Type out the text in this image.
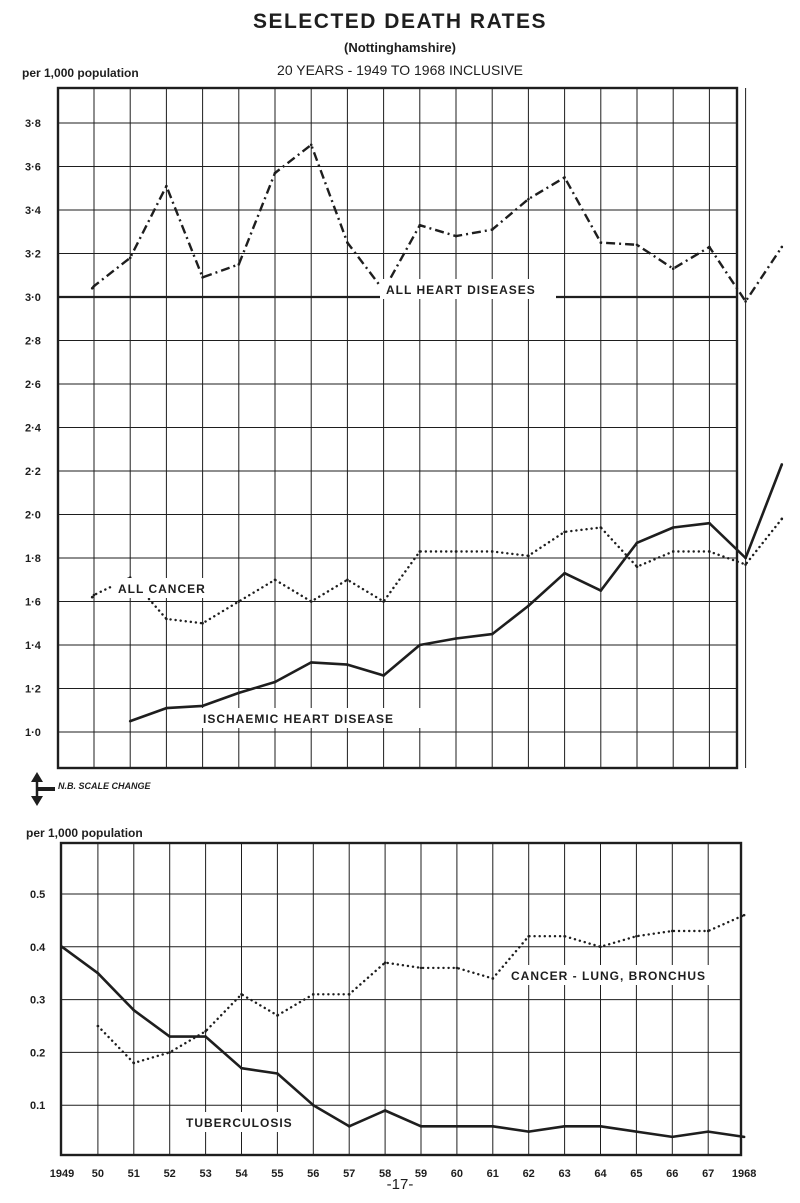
SELECTED DEATH RATES

(Nottinghamshire)

20 YEARS - 1949 TO 1968 INCLUSIVE

per 1,000 population

N.B. SCALE CHANGE

per 1,000 population

-17-

3·8
3·6
3·4
3·2
3·0
2·8
2·6
2·4
2·2
2·0
1·8
1·6
1·4
1·2
1·0
0.5
0.4
0.3
0.2
0.1
1949 50 51 52 53 54 55 56 57 58 59 60 61 62 63 64 65 66 67 1968
ALL HEART DISEASES
ALL CANCER
ISCHAEMIC HEART DISEASE
CANCER - LUNG, BRONCHUS
TUBERCULOSIS
